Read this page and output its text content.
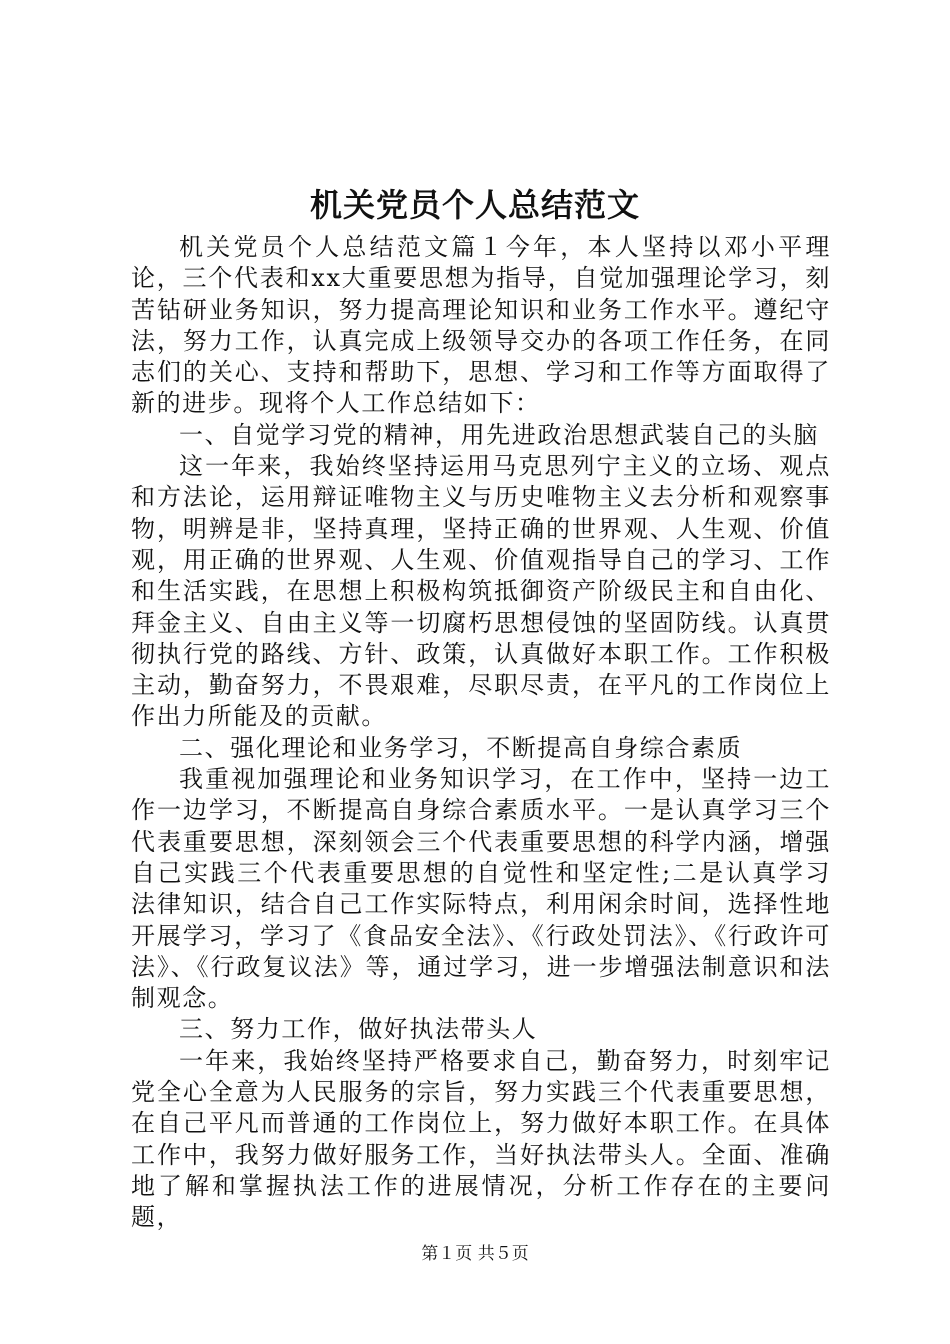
机关党员个人总结范文

机关党员个人总结范文篇１今年，本人坚持以邓小平理论，三个代表和xx大重要思想为指导，自觉加强理论学习，刻苦钻研业务知识，努力提高理论知识和业务工作水平。遵纪守法，努力工作，认真完成上级领导交办的各项工作任务，在同志们的关心、支持和帮助下，思想、学习和工作等方面取得了新的进步。现将个人工作总结如下：

一、自觉学习党的精神，用先进政治思想武装自己的头脑

这一年来，我始终坚持运用马克思列宁主义的立场、观点和方法论，运用辩证唯物主义与历史唯物主义去分析和观察事物，明辨是非，坚持真理，坚持正确的世界观、人生观、价值观，用正确的世界观、人生观、价值观指导自己的学习、工作和生活实践，在思想上积极构筑抵御资产阶级民主和自由化、拜金主义、自由主义等一切腐朽思想侵蚀的坚固防线。认真贯彻执行党的路线、方针、政策，认真做好本职工作。工作积极主动，勤奋努力，不畏艰难，尽职尽责，在平凡的工作岗位上作出力所能及的贡献。

二、强化理论和业务学习，不断提高自身综合素质

我重视加强理论和业务知识学习，在工作中，坚持一边工作一边学习，不断提高自身综合素质水平。一是认真学习三个代表重要思想，深刻领会三个代表重要思想的科学内涵，增强自己实践三个代表重要思想的自觉性和坚定性;二是认真学习法律知识，结合自己工作实际特点，利用闲余时间，选择性地开展学习，学习了《食品安全法》、《行政处罚法》、《行政许可法》、《行政复议法》等，通过学习，进一步增强法制意识和法制观念。

三、努力工作，做好执法带头人

一年来，我始终坚持严格要求自己，勤奋努力，时刻牢记党全心全意为人民服务的宗旨，努力实践三个代表重要思想，在自己平凡而普通的工作岗位上，努力做好本职工作。在具体工作中，我努力做好服务工作，当好执法带头人。全面、准确地了解和掌握执法工作的进展情况，分析工作存在的主要问题，

第１页 共５页
